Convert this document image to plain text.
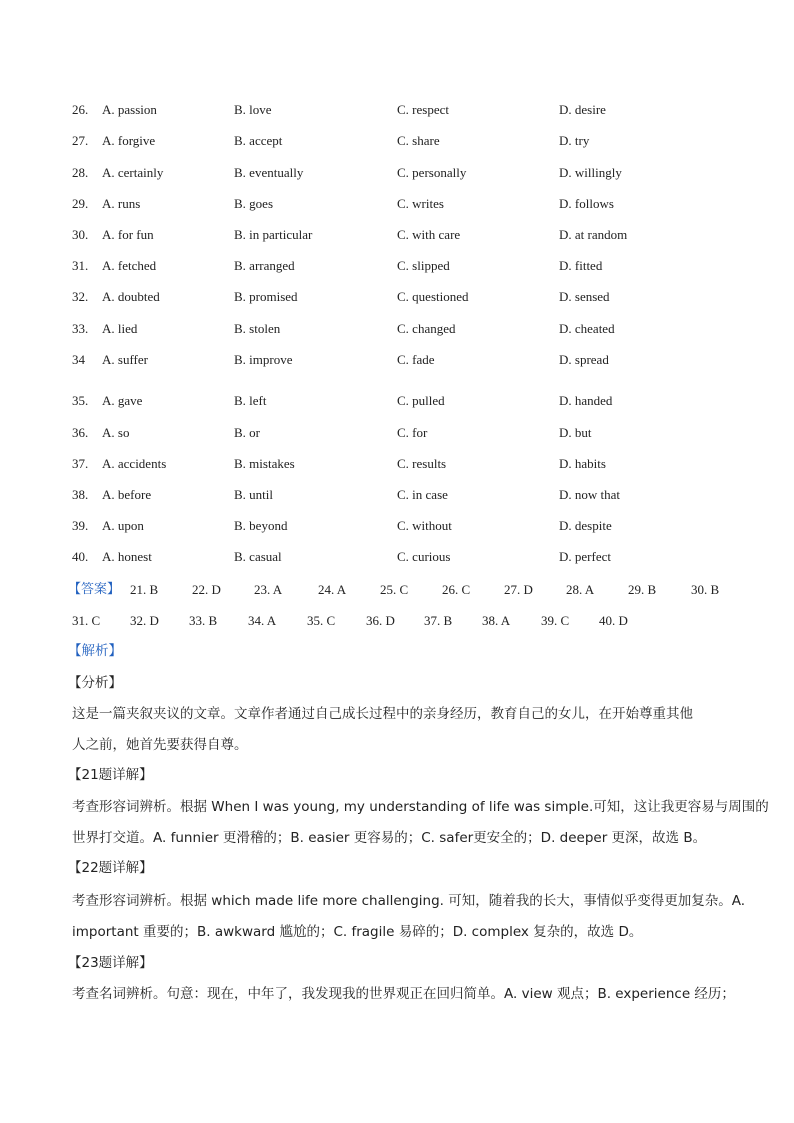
26. A. passion	B. love	C. respect	D. desire
27. A. forgive	B. accept	C. share	D. try
28. A. certainly	B. eventually	C. personally	D. willingly
29. A. runs	B. goes	C. writes	D. follows
30. A. for fun	B. in particular	C. with care	D. at random
31. A. fetched	B. arranged	C. slipped	D. fitted
32. A. doubted	B. promised	C. questioned	D. sensed
33. A. lied	B. stolen	C. changed	D. cheated
34 A. suffer	B. improve	C. fade	D. spread
35. A. gave	B. left	C. pulled	D. handed
36. A. so	B. or	C. for	D. but
37. A. accidents	B. mistakes	C. results	D. habits
38. A. before	B. until	C. in case	D. now that
39. A. upon	B. beyond	C. without	D. despite
40. A. honest	B. casual	C. curious	D. perfect
【答案】 21. B	22. D	23. A	24. A	25. C	26. C	27. D	28. A	29. B	30. B
31. C 32. D 33. B 34. A 35. C 36. D 37. B 38. A 39. C 40. D
【解析】
【分析】

这是一篇夹叙夹议的文章。文章作者通过自己成长过程中的亲身经历，教育自己的女儿，在开始尊重其他

人之前，她首先要获得自尊。

【21题详解】

考查形容词辨析。根据 When I was young, my understanding of life was simple.可知，这让我更容易与周围的

世界打交道。A. funnier 更滑稽的；B. easier 更容易的；C. safer更安全的；D. deeper 更深，故选 B。

【22题详解】

考查形容词辨析。根据 which made life more challenging. 可知，随着我的长大，事情似乎变得更加复杂。A.

important 重要的；B. awkward 尴尬的；C. fragile 易碎的；D. complex 复杂的，故选 D。

【23题详解】

考查名词辨析。句意：现在，中年了，我发现我的世界观正在回归简单。A. view 观点；B. experience 经历；
